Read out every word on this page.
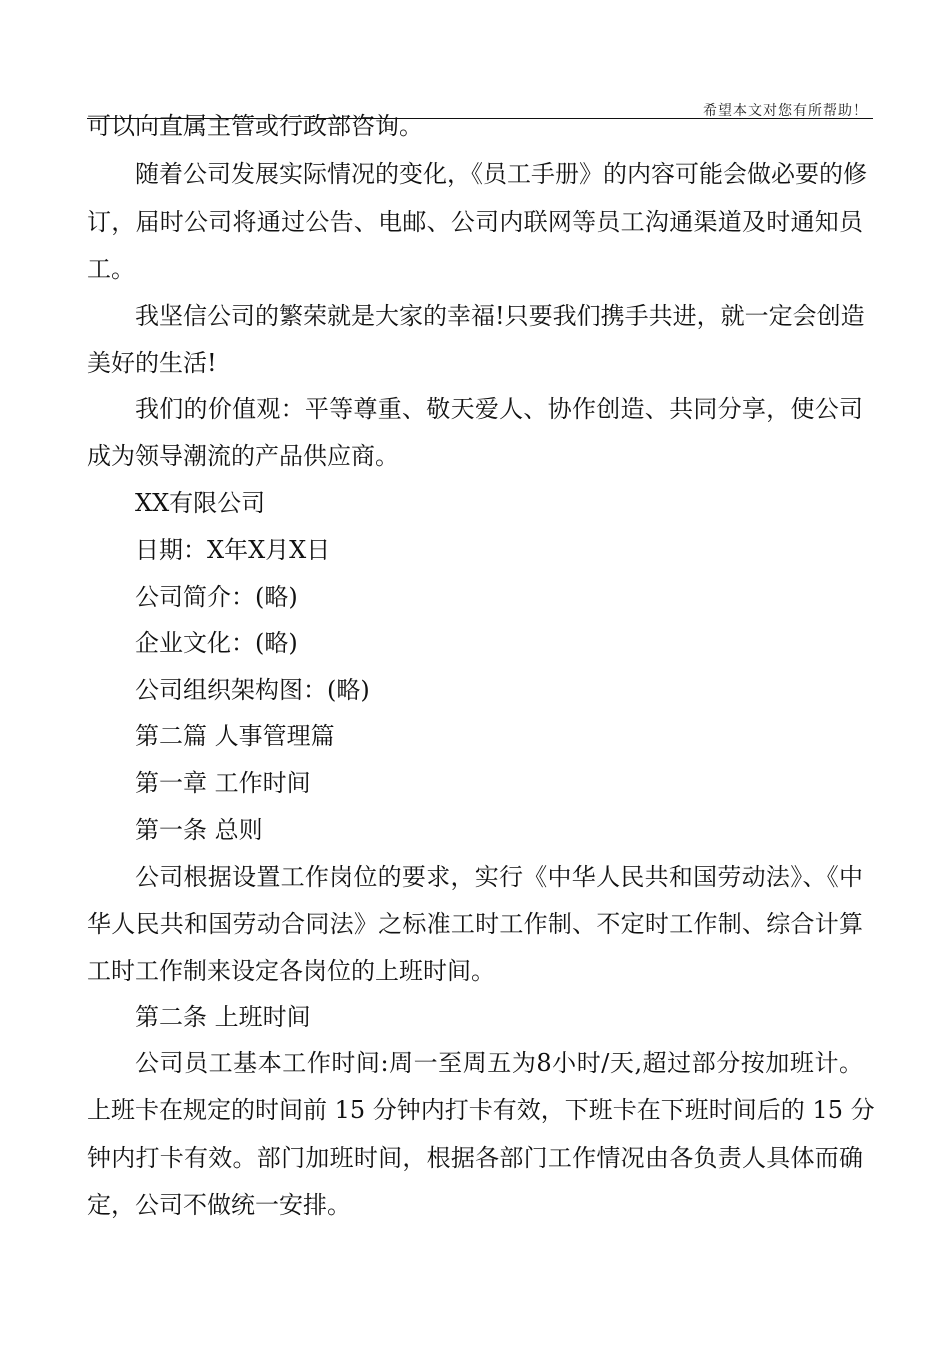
希望本文对您有所帮助！
可以向直属主管或行政部咨询。
随着公司发展实际情况的变化，《员工手册》的内容可能会做必要的修
订，届时公司将通过公告、电邮、公司内联网等员工沟通渠道及时通知员
工。
我坚信公司的繁荣就是大家的幸福!只要我们携手共进，就一定会创造
美好的生活!
我们的价值观：平等尊重、敬天爱人、协作创造、共同分享，使公司
成为领导潮流的产品供应商。
XX有限公司
日期：X年X月X日
公司简介：(略)
企业文化：(略)
公司组织架构图：(略)
第二篇 人事管理篇
第一章 工作时间
第一条 总则
公司根据设置工作岗位的要求，实行《中华人民共和国劳动法》、《中
华人民共和国劳动合同法》之标准工时工作制、不定时工作制、综合计算
工时工作制来设定各岗位的上班时间。
第二条 上班时间
公司员工基本工作时间:周一至周五为8小时/天,超过部分按加班计。
上班卡在规定的时间前 15 分钟内打卡有效，下班卡在下班时间后的 15 分
钟内打卡有效。部门加班时间，根据各部门工作情况由各负责人具体而确
定，公司不做统一安排。
